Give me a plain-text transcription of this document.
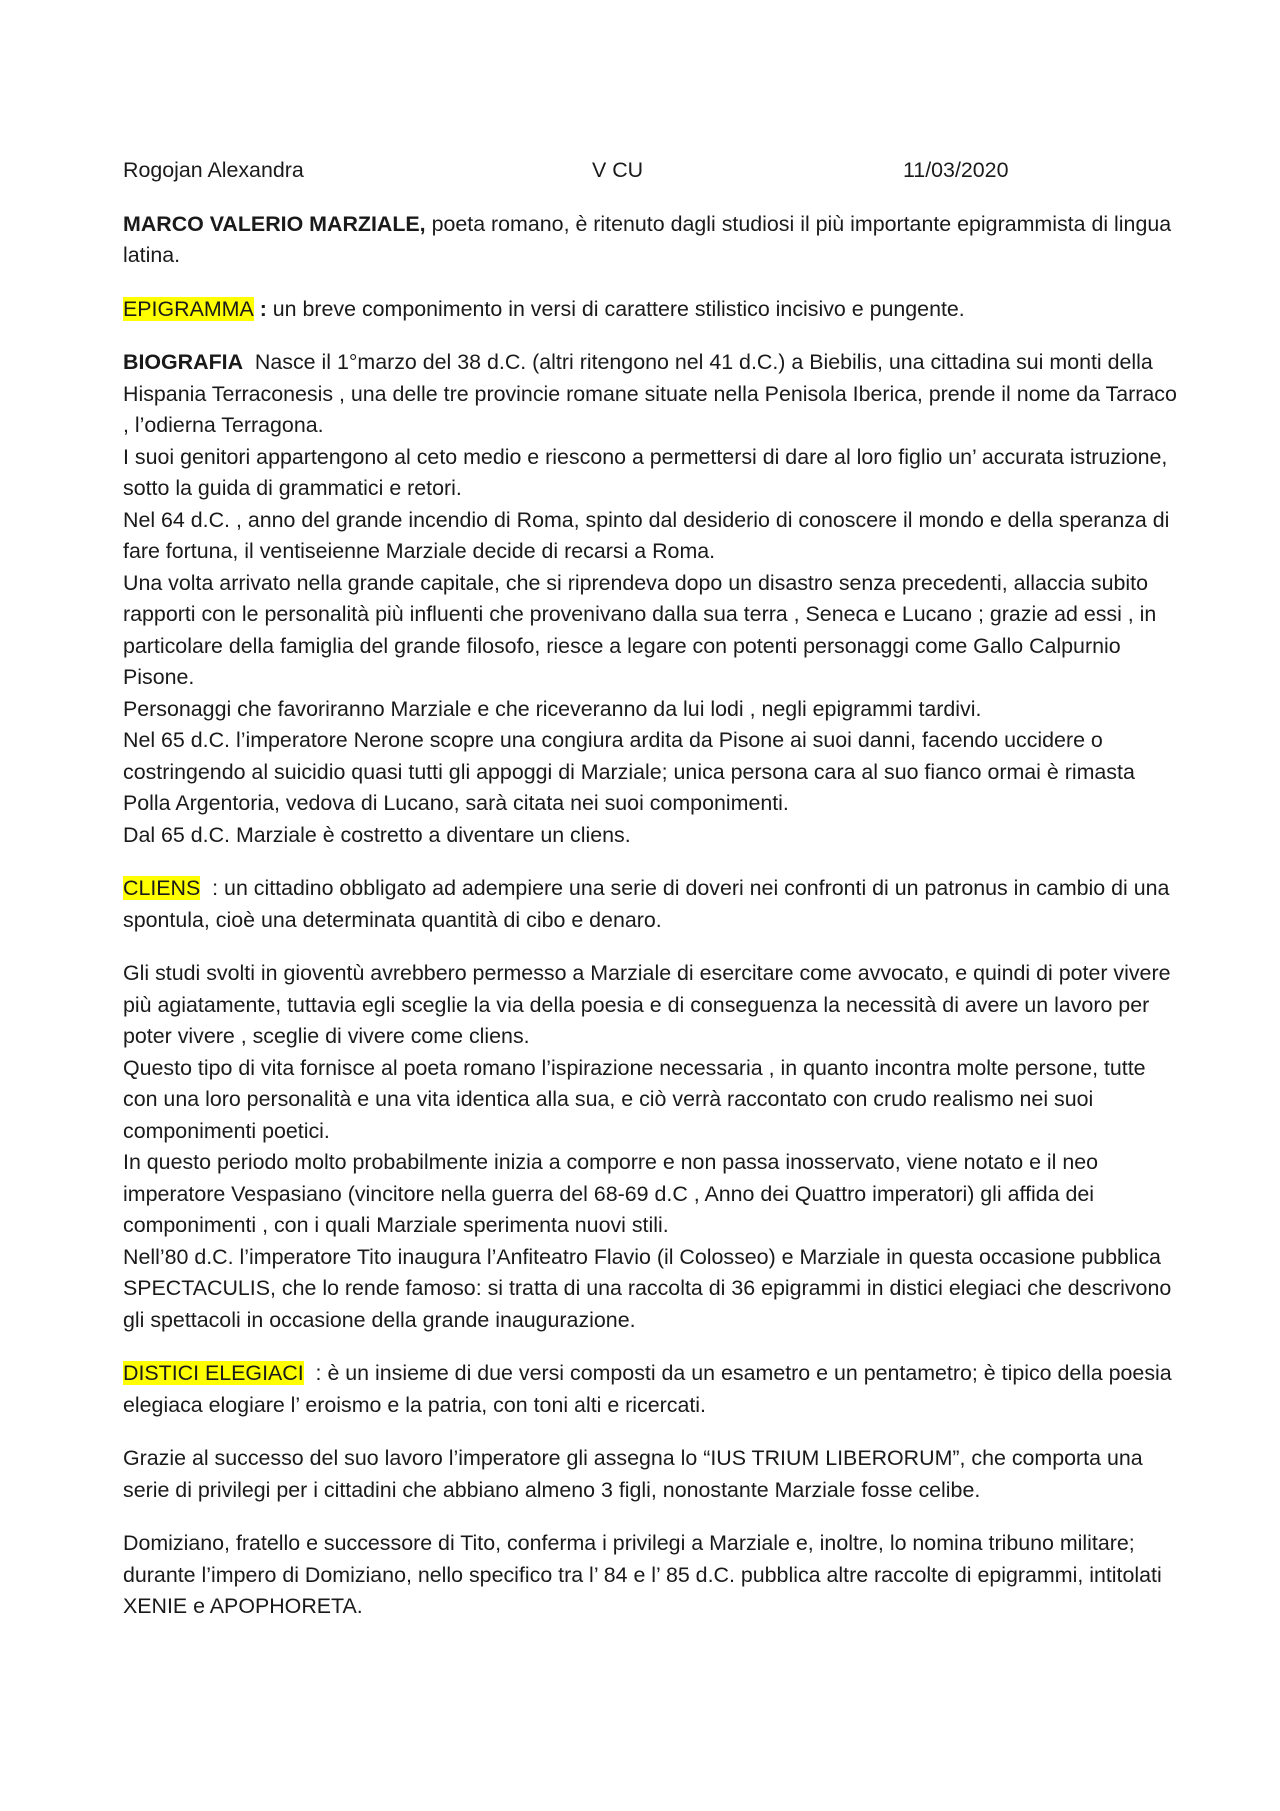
Rogojan Alexandra	V CU	11/03/2020

MARCO VALERIO MARZIALE, poeta romano, è ritenuto dagli studiosi il più importante epigrammista di lingua latina.

EPIGRAMMA : un breve componimento in versi di carattere stilistico incisivo e pungente.

BIOGRAFIA  Nasce il 1°marzo del 38 d.C. (altri ritengono nel 41 d.C.) a Biebilis, una cittadina sui monti della Hispania Terraconesis , una delle tre provincie romane situate nella Penisola Iberica, prende il nome da Tarraco , l’odierna Terragona.

I suoi genitori appartengono al ceto medio e riescono a permettersi di dare al loro figlio un’ accurata istruzione, sotto la guida di grammatici e retori.

Nel 64 d.C. , anno del grande incendio di Roma, spinto dal desiderio di conoscere il mondo e della speranza di fare fortuna, il ventiseienne Marziale decide di recarsi a Roma.

Una volta arrivato nella grande capitale, che si riprendeva dopo un disastro senza precedenti, allaccia subito rapporti con le personalità più influenti che provenivano dalla sua terra , Seneca e Lucano ; grazie ad essi , in particolare della famiglia del grande filosofo, riesce a legare con potenti personaggi come Gallo Calpurnio Pisone.

Personaggi che favoriranno Marziale e che riceveranno da lui lodi , negli epigrammi tardivi.

Nel 65 d.C. l’imperatore Nerone scopre una congiura ardita da Pisone ai suoi danni, facendo uccidere o costringendo al suicidio quasi tutti gli appoggi di Marziale; unica persona cara al suo fianco ormai è rimasta Polla Argentoria, vedova di Lucano, sarà citata nei suoi componimenti.

Dal 65 d.C. Marziale è costretto a diventare un cliens.

CLIENS  : un cittadino obbligato ad adempiere una serie di doveri nei confronti di un patronus in cambio di una spontula, cioè una determinata quantità di cibo e denaro.

Gli studi svolti in gioventù avrebbero permesso a Marziale di esercitare come avvocato, e quindi di poter vivere più agiatamente, tuttavia egli sceglie la via della poesia e di conseguenza la necessità di avere un lavoro per poter vivere , sceglie di vivere come cliens.

Questo tipo di vita fornisce al poeta romano l’ispirazione necessaria , in quanto incontra molte persone, tutte con una loro personalità e una vita identica alla sua, e ciò verrà raccontato con crudo realismo nei suoi componimenti poetici.

In questo periodo molto probabilmente inizia a comporre e non passa inosservato, viene notato e il neo imperatore Vespasiano (vincitore nella guerra del 68-69 d.C , Anno dei Quattro imperatori) gli affida dei componimenti , con i quali Marziale sperimenta nuovi stili.

Nell’80 d.C. l’imperatore Tito inaugura l’Anfiteatro Flavio (il Colosseo) e Marziale in questa occasione pubblica SPECTACULIS, che lo rende famoso: si tratta di una raccolta di 36 epigrammi in distici elegiaci che descrivono gli spettacoli in occasione della grande inaugurazione.

DISTICI ELEGIACI  : è un insieme di due versi composti da un esametro e un pentametro; è tipico della poesia elegiaca elogiare l’ eroismo e la patria, con toni alti e ricercati.

Grazie al successo del suo lavoro l’imperatore gli assegna lo “IUS TRIUM LIBERORUM”, che comporta una serie di privilegi per i cittadini che abbiano almeno 3 figli, nonostante Marziale fosse celibe.

Domiziano, fratello e successore di Tito, conferma i privilegi a Marziale e, inoltre, lo nomina tribuno militare; durante l’impero di Domiziano, nello specifico tra l’ 84 e l’ 85 d.C. pubblica altre raccolte di epigrammi, intitolati XENIE e APOPHORETA.
